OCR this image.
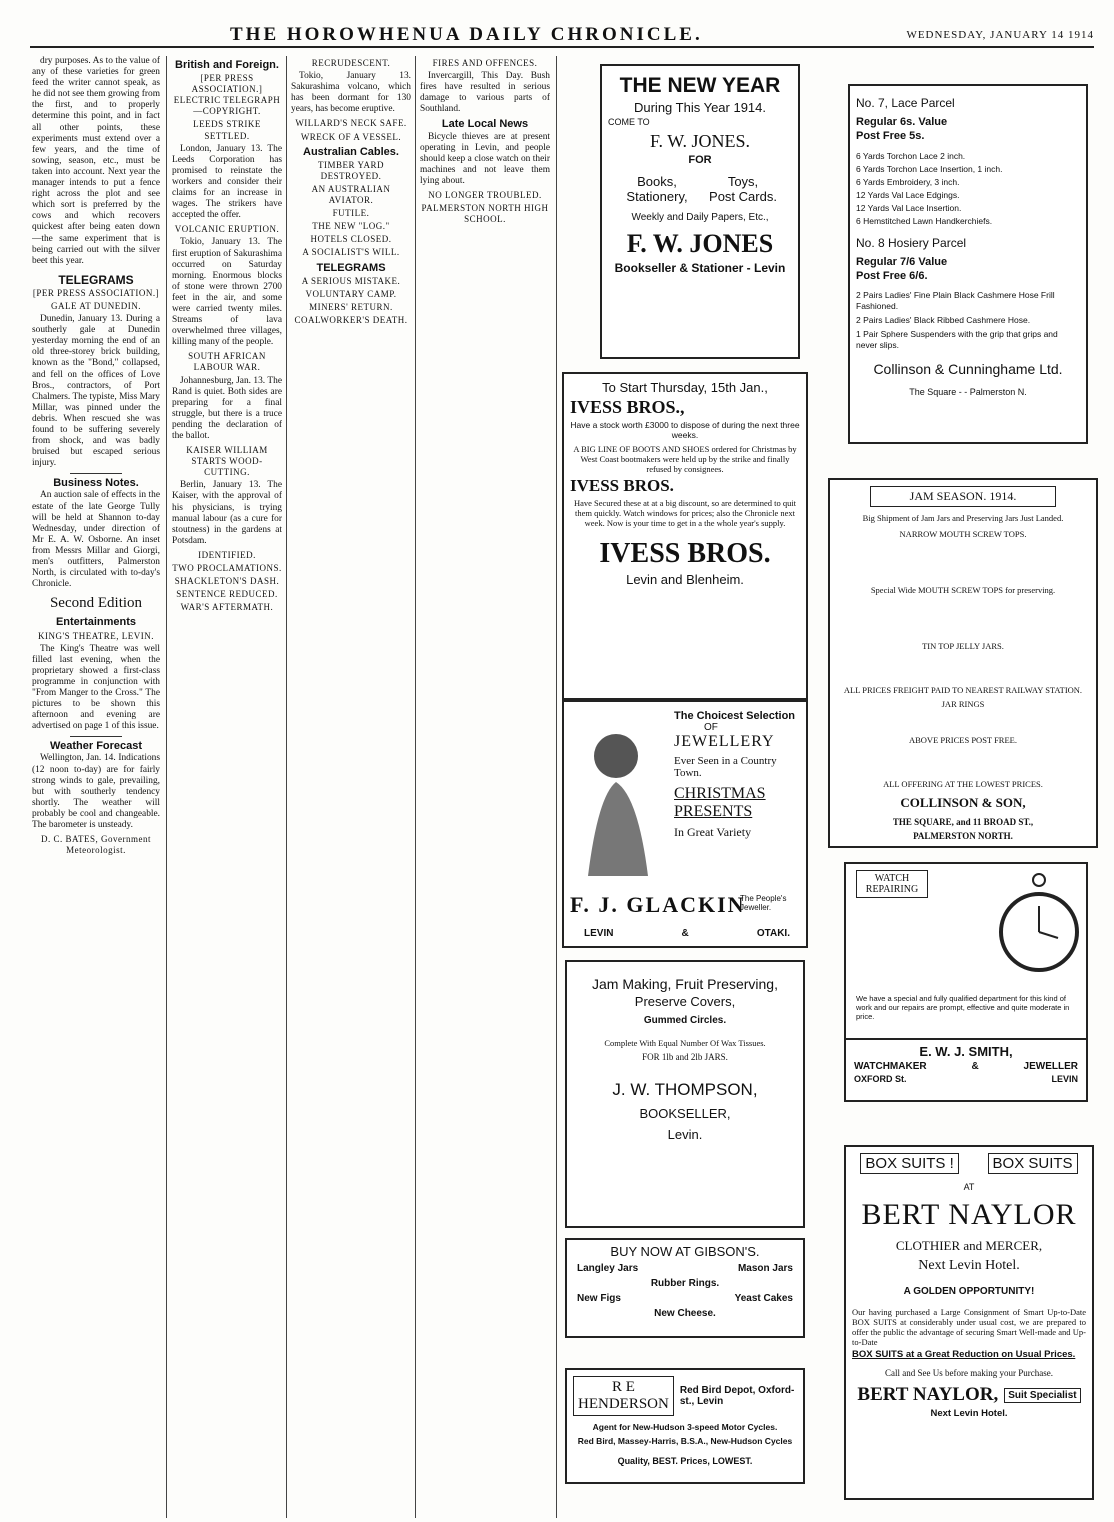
THE HOROWHENUA DAILY CHRONICLE.	WEDNESDAY, JANUARY 14 1914

dry purposes. As to the value of any of these varieties for green feed the writer cannot speak, as he did not see them growing from the first, and to properly determine this point, and in fact all other points, these experiments must extend over a few years, and the time of sowing, season, etc., must be taken into account. Next year the manager intends to put a fence right across the plot and see which sort is preferred by the cows and which recovers quickest after being eaten down—the same experiment that is being carried out with the silver beet this year.

TELEGRAMS
[PER PRESS ASSOCIATION.]
GALE AT DUNEDIN.

Dunedin, January 13. During a southerly gale at Dunedin yesterday morning the end of an old three-storey brick building, known as the "Bond," collapsed, and fell on the offices of Love Bros., contractors, of Port Chalmers. The typiste, Miss Mary Millar, was pinned under the debris. When rescued she was found to be suffering severely from shock, and was badly bruised but escaped serious injury.

Business Notes.

An auction sale of effects in the estate of the late George Tully will be held at Shannon to-day Wednesday, under direction of Mr E. A. W. Osborne. An inset from Messrs Millar and Giorgi, men's outfitters, Palmerston North, is circulated with to-day's Chronicle.

Second Edition
Entertainments
KING'S THEATRE, LEVIN.

The King's Theatre was well filled last evening, when the proprietary showed a first-class programme in conjunction with "From Manger to the Cross." The pictures to be shown this afternoon and evening are advertised on page 1 of this issue.

Weather Forecast

Wellington, Jan. 14. Indications (12 noon to-day) are for fairly strong winds to gale, prevailing, but with southerly tendency shortly. The weather will probably be cool and changeable. The barometer is unsteady.

D. C. BATES, Government Meteorologist.
British and Foreign.
[PER PRESS ASSOCIATION.] ELECTRIC TELEGRAPH—COPYRIGHT.
LEEDS STRIKE SETTLED.

London, January 13. The Leeds Corporation has promised to reinstate the workers and consider their claims for an increase in wages. The strikers have accepted the offer.

VOLCANIC ERUPTION.

Tokio, January 13. The first eruption of Sakurashima occurred on Saturday morning. Enormous blocks of stone were thrown 2700 feet in the air, and some were carried twenty miles. Streams of lava overwhelmed three villages, killing many of the people.

SOUTH AFRICAN LABOUR WAR.

Johannesburg, Jan. 13. The Rand is quiet. Both sides are preparing for a final struggle, but there is a truce pending the declaration of the ballot.

KAISER WILLIAM STARTS WOOD-CUTTING.

Berlin, January 13. The Kaiser, with the approval of his physicians, is trying manual labour (as a cure for stoutness) in the gardens at Potsdam.

IDENTIFIED.
TWO PROCLAMATIONS.
SHACKLETON'S DASH.
SENTENCE REDUCED.
WAR'S AFTERMATH.
RECRUDESCENT.

Tokio, January 13. Sakurashima volcano, which has been dormant for 130 years, has become eruptive.

WILLARD'S NECK SAFE.
WRECK OF A VESSEL.
Australian Cables.
TIMBER YARD DESTROYED.
AN AUSTRALIAN AVIATOR.
FUTILE.
THE NEW "LOG."
HOTELS CLOSED.
A SOCIALIST'S WILL.
TELEGRAMS
A SERIOUS MISTAKE.
VOLUNTARY CAMP.
MINERS' RETURN.
COALWORKER'S DEATH.
FIRES AND OFFENCES.

Invercargill, This Day. Bush fires have resulted in serious damage to various parts of Southland.

Late Local News

Bicycle thieves are at present operating in Levin, and people should keep a close watch on their machines and not leave them lying about.

NO LONGER TROUBLED.
PALMERSTON NORTH HIGH SCHOOL.
THE NEW YEAR
During This Year 1914.
COME TO
F. W. JONES.
FOR
Books,	Toys,
Stationery,	Post Cards.
Weekly and Daily Papers, Etc.,
F. W. JONES
Bookseller & Stationer - Levin
To Start Thursday, 15th Jan.,
IVESS BROS.,
Have a stock worth £3000 to dispose of during the next three weeks.
A BIG LINE OF BOOTS AND SHOES ordered for Christmas by West Coast bootmakers were held up by the strike and finally refused by consignees.
IVESS BROS.
Have Secured these at at a big discount, so are determined to quit them quickly. Watch windows for prices; also the Chronicle next week. Now is your time to get in a the whole year's supply.
IVESS BROS.
Levin and Blenheim.
The Choicest Selection
OF
JEWELLERY
Ever Seen in a Country Town.
CHRISTMAS PRESENTS
In Great Variety
F. J. GLACKIN
The People's Jeweller.
LEVIN	&	OTAKI.
Jam Making, Fruit Preserving,
Preserve Covers,
Gummed Circles.
Complete With Equal Number Of Wax Tissues.
FOR 1lb and 2lb JARS.
J. W. THOMPSON,
BOOKSELLER,
Levin.
BUY NOW AT GIBSON'S.
Langley Jars	Mason Jars
Rubber Rings.
New Figs	Yeast Cakes
New Cheese.
R E HENDERSON
Red Bird Depot, Oxford-st., Levin
Agent for New-Hudson 3-speed Motor Cycles.
Red Bird, Massey-Harris, B.S.A., New-Hudson Cycles
Quality, BEST. Prices, LOWEST.
No. 7, Lace Parcel
Regular 6s. Value
Post Free 5s.
6 Yards Torchon Lace 2 inch.
6 Yards Torchon Lace Insertion, 1 inch.
6 Yards Embroidery, 3 inch.
12 Yards Val Lace Edgings.
12 Yards Val Lace Insertion.
6 Hemstitched Lawn Handkerchiefs.
No. 8 Hosiery Parcel
Regular 7/6 Value
Post Free 6/6.
2 Pairs Ladies' Fine Plain Black Cashmere Hose Frill Fashioned.
2 Pairs Ladies' Black Ribbed Cashmere Hose.
1 Pair Sphere Suspenders with the grip that grips and never slips.
Collinson & Cunninghame Ltd.
The Square - - Palmerston N.
JAM SEASON. 1914.
Big Shipment of Jam Jars and Preserving Jars Just Landed.
NARROW MOUTH SCREW TOPS.
Special Wide MOUTH SCREW TOPS for preserving.
TIN TOP JELLY JARS.
ALL PRICES FREIGHT PAID TO NEAREST RAILWAY STATION.
JAR RINGS
ABOVE PRICES POST FREE.
ALL OFFERING AT THE LOWEST PRICES.
COLLINSON & SON,
THE SQUARE, and 11 BROAD ST.,
PALMERSTON NORTH.
WATCH REPAIRING
We have a special and fully qualified department for this kind of work and our repairs are prompt, effective and quite moderate in price.
E. W. J. SMITH,
WATCHMAKER	&	JEWELLER
OXFORD St.	LEVIN
BOX SUITS !	BOX SUITS
AT
BERT NAYLOR
CLOTHIER and MERCER,
Next Levin Hotel.
A GOLDEN OPPORTUNITY!
Our having purchased a Large Consignment of Smart Up-to-Date BOX SUITS at considerably under usual cost, we are prepared to offer the public the advantage of securing Smart Well-made and Up-to-Date
BOX SUITS at a Great Reduction on Usual Prices.
Call and See Us before making your Purchase.
BERT NAYLOR,	Suit Specialist
Next Levin Hotel.
